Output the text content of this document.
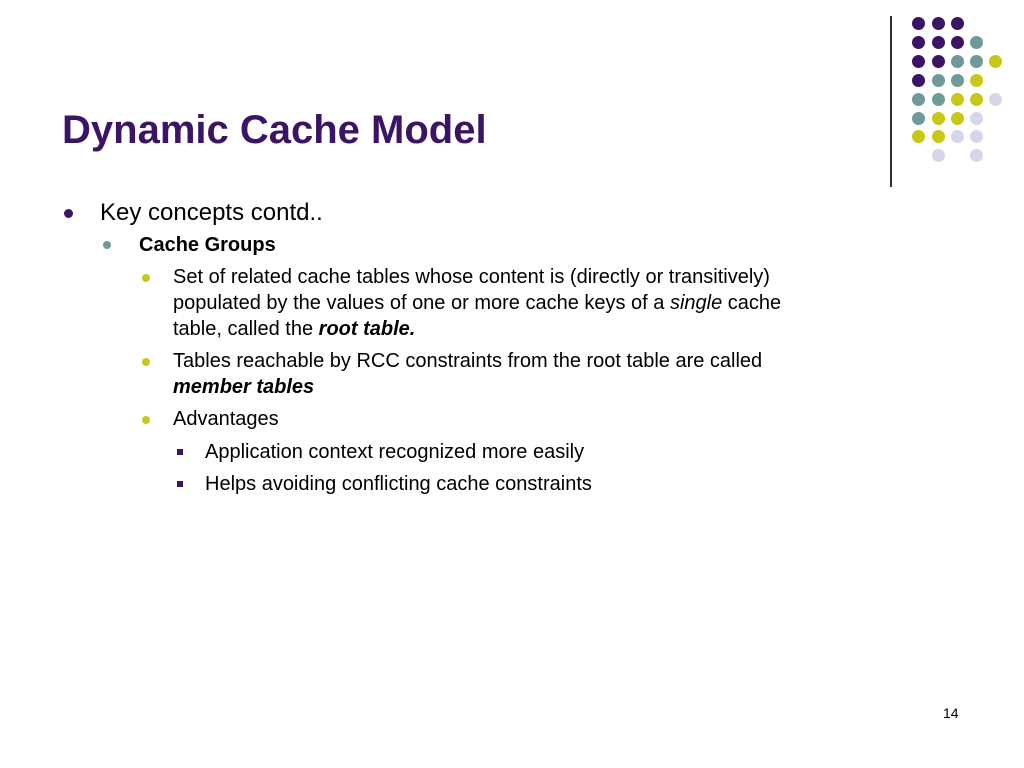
Dynamic Cache Model
Key concepts contd..
Cache Groups
Set of related cache tables whose content is (directly or transitively)
populated by the values of one or more cache keys of a single cache
table, called the root table.
Tables reachable by RCC constraints from the root table are called
member tables
Advantages
Application context recognized more easily
Helps avoiding conflicting cache constraints
14
